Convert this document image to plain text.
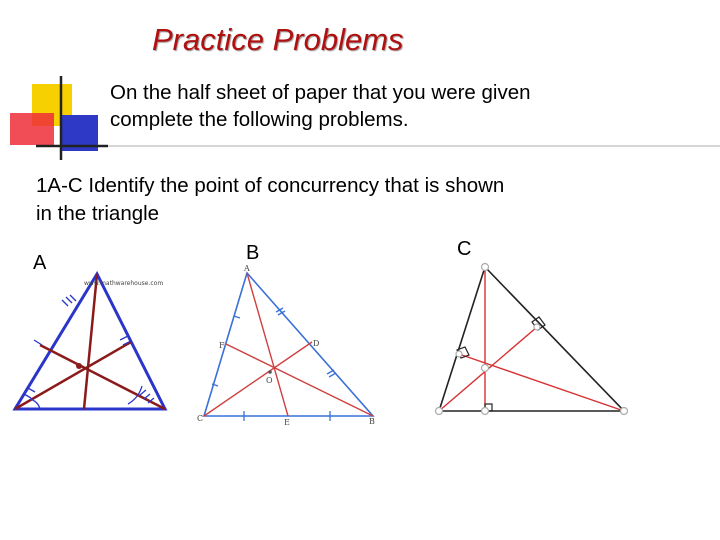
Practice Problems
On the half sheet of paper that you were given
complete the following problems.
1A-C Identify the point of concurrency that is shown
in the triangle
A	B	C
www.mathwarehouse.com
A
C	B
D
F
E
O
